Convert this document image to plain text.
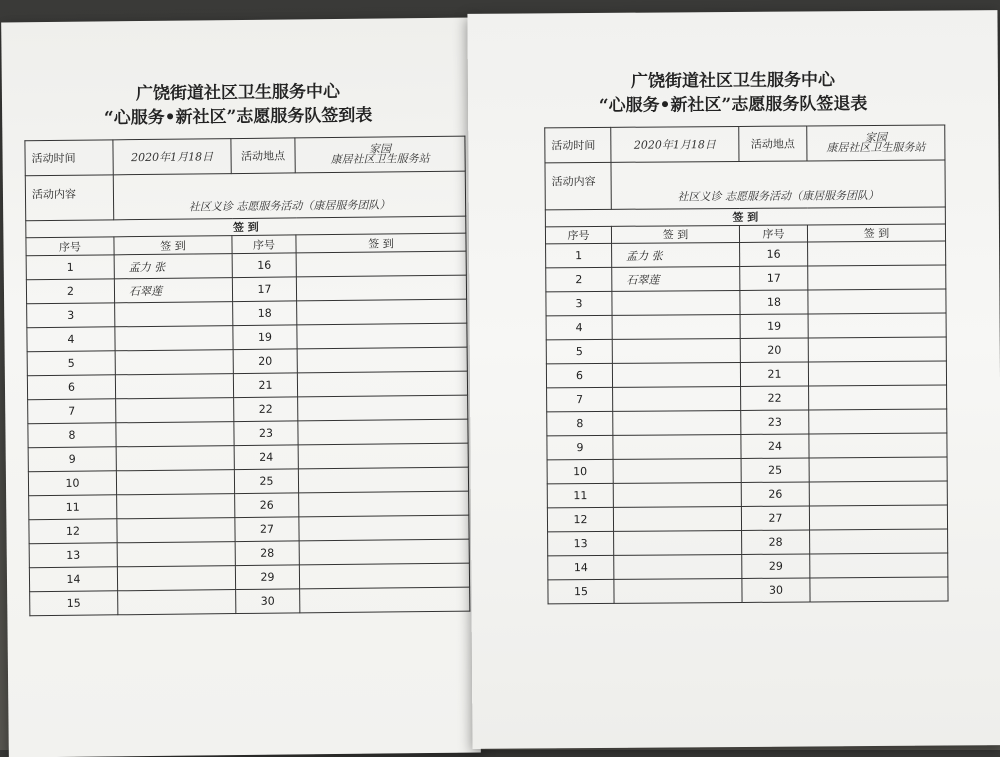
广饶街道社区卫生服务中心
“心服务•新社区”志愿服务队签到表
活动时间	2020年1月18日	活动地点	家园
康居社区卫生服务站

活动内容	社区义诊 志愿服务活动（康居服务团队）		
签 到			
序号	签 到	序号	签 到
1	孟力 张	16	
2	石翠莲	17	
3		18	
4		19	
5		20	
6		21	
7		22	
8		23	
9		24	
10		25	
11		26	
12		27	
13		28	
14		29	
15		30	
广饶街道社区卫生服务中心
“心服务•新社区”志愿服务队签退表
活动时间	2020年1月18日	活动地点	家园
康居社区卫生服务站

活动内容	社区义诊 志愿服务活动（康居服务团队）		
签 到			
序号	签 到	序号	签 到
1	孟力 张	16	
2	石翠莲	17	
3		18	
4		19	
5		20	
6		21	
7		22	
8		23	
9		24	
10		25	
11		26	
12		27	
13		28	
14		29	
15		30	
